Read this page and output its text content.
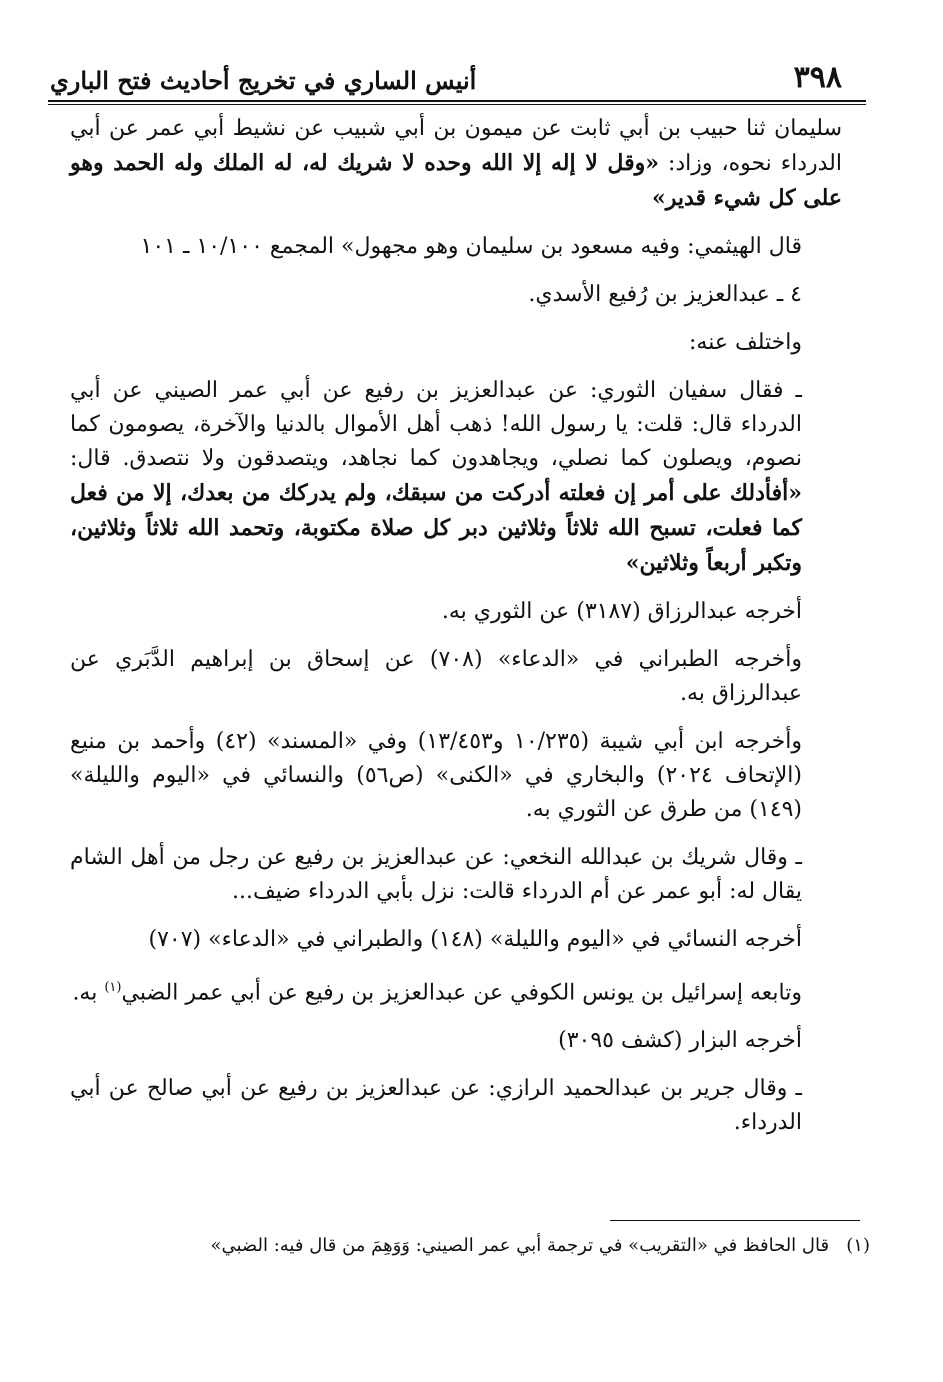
٣٩٨
أنيس الساري في تخريج أحاديث فتح الباري

سليمان ثنا حبيب بن أبي ثابت عن ميمون بن أبي شبيب عن نشيط أبي عمر عن أبي الدرداء نحوه، وزاد: «وقل لا إله إلا الله وحده لا شريك له، له الملك وله الحمد وهو على كل شيء قدير»

قال الهيثمي: وفيه مسعود بن سليمان وهو مجهول» المجمع ١٠/١٠٠ ـ ١٠١

٤ ـ عبدالعزيز بن رُفيع الأسدي.

واختلف عنه:

ـ فقال سفيان الثوري: عن عبدالعزيز بن رفيع عن أبي عمر الصيني عن أبي الدرداء قال: قلت: يا رسول الله! ذهب أهل الأموال بالدنيا والآخرة، يصومون كما نصوم، ويصلون كما نصلي، ويجاهدون كما نجاهد، ويتصدقون ولا نتصدق. قال: «أفأدلك على أمر إن فعلته أدركت من سبقك، ولم يدركك من بعدك، إلا من فعل كما فعلت، تسبح الله ثلاثاً وثلاثين دبر كل صلاة مكتوبة، وتحمد الله ثلاثاً وثلاثين، وتكبر أربعاً وثلاثين»

أخرجه عبدالرزاق (٣١٨٧) عن الثوري به.

وأخرجه الطبراني في «الدعاء» (٧٠٨) عن إسحاق بن إبراهيم الدَّبَري عن عبدالرزاق به.

وأخرجه ابن أبي شيبة (١٠/٢٣٥ و١٣/٤٥٣) وفي «المسند» (٤٢) وأحمد بن منيع (الإتحاف ٢٠٢٤) والبخاري في «الكنى» (ص٥٦) والنسائي في «اليوم والليلة» (١٤٩) من طرق عن الثوري به.

ـ وقال شريك بن عبدالله النخعي: عن عبدالعزيز بن رفيع عن رجل من أهل الشام يقال له: أبو عمر عن أم الدرداء قالت: نزل بأبي الدرداء ضيف...

أخرجه النسائي في «اليوم والليلة» (١٤٨) والطبراني في «الدعاء» (٧٠٧)

وتابعه إسرائيل بن يونس الكوفي عن عبدالعزيز بن رفيع عن أبي عمر الضبي$^{(١)}$ به.

أخرجه البزار (كشف ٣٠٩٥)

ـ وقال جرير بن عبدالحميد الرازي: عن عبدالعزيز بن رفيع عن أبي صالح عن أبي الدرداء.

(١)   قال الحافظ في «التقريب» في ترجمة أبي عمر الصيني: وَوَهِمَ من قال فيه: الضبي»
